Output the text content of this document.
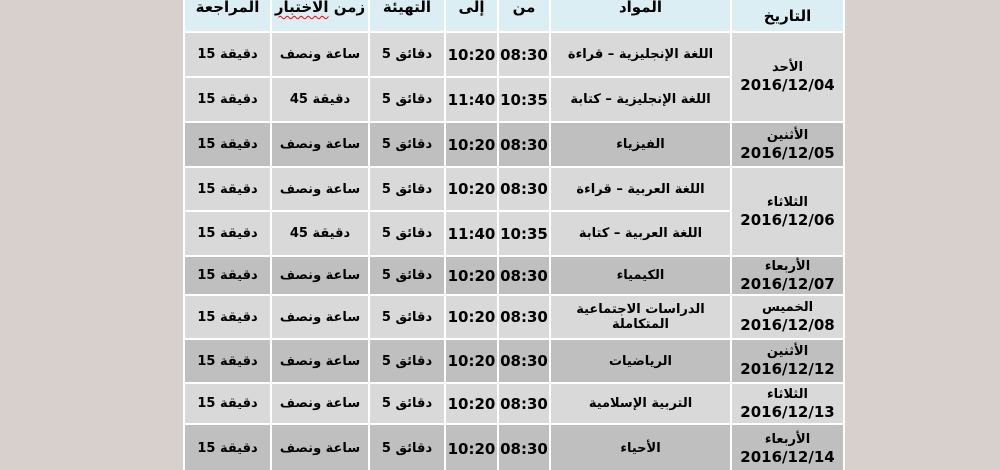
التاريخ	المواد	من	إلى	التهيئة	زمن الاختبار	المراجعة

الأحد
2016/12/04	اللغة الإنجليزية – قراءة	08:30	10:20	5 دقائق	ساعة ونصف	15 دقيقة
	اللغة الإنجليزية – كتابة	10:35	11:40	5 دقائق	45 دقيقة	15 دقيقة

الأثنين
2016/12/05	الفيزياء	08:30	10:20	5 دقائق	ساعة ونصف	15 دقيقة

الثلاثاء
2016/12/06	اللغة العربية – قراءة	08:30	10:20	5 دقائق	ساعة ونصف	15 دقيقة
	اللغة العربية – كتابة	10:35	11:40	5 دقائق	45 دقيقة	15 دقيقة

الأربعاء
2016/12/07	الكيمياء	08:30	10:20	5 دقائق	ساعة ونصف	15 دقيقة

الخميس
2016/12/08	الدراسات الاجتماعية المتكاملة	08:30	10:20	5 دقائق	ساعة ونصف	15 دقيقة

الأثنين
2016/12/12	الرياضيات	08:30	10:20	5 دقائق	ساعة ونصف	15 دقيقة

الثلاثاء
2016/12/13	التربية الإسلامية	08:30	10:20	5 دقائق	ساعة ونصف	15 دقيقة

الأربعاء
2016/12/14	الأحياء	08:30	10:20	5 دقائق	ساعة ونصف	15 دقيقة
